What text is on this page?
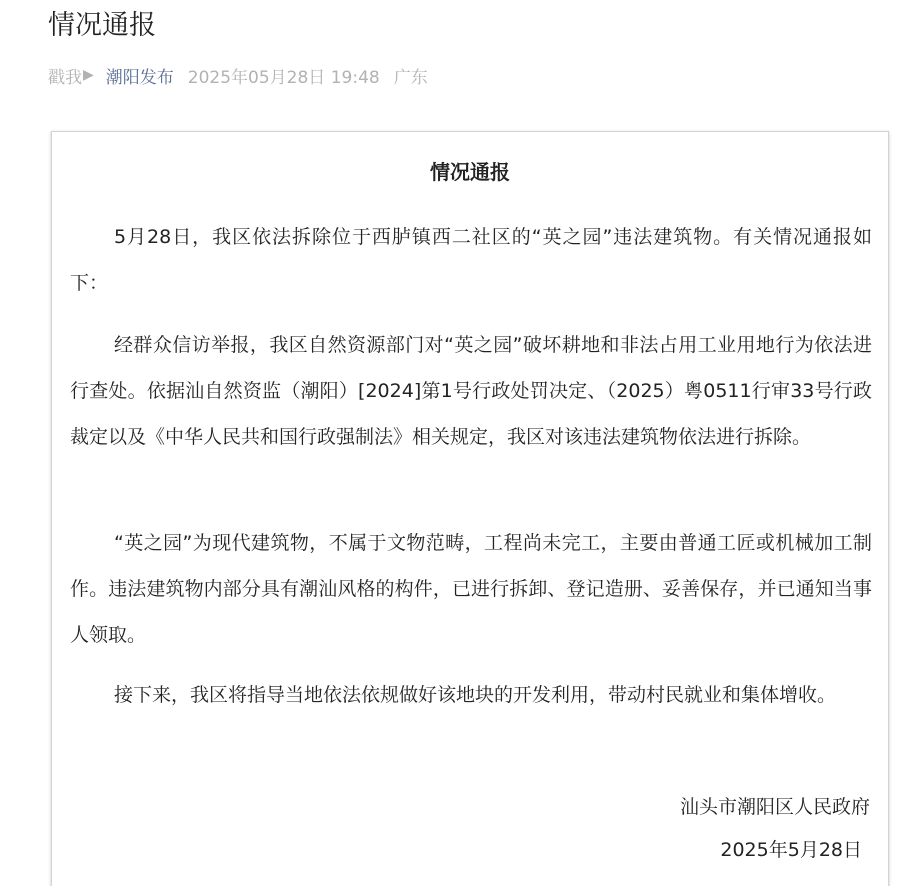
情况通报
戳我 ▶ 潮阳发布 2025年05月28日 19:48 广东
情况通报
5月28日，我区依法拆除位于西胪镇西二社区的“英之园”违法建筑物。有关情况通报如下：
经群众信访举报，我区自然资源部门对“英之园”破坏耕地和非法占用工业用地行为依法进行查处。依据汕自然资监（潮阳）[2024]第1号行政处罚决定、（2025）粤0511行审33号行政裁定以及《中华人民共和国行政强制法》相关规定，我区对该违法建筑物依法进行拆除。
“英之园”为现代建筑物，不属于文物范畴，工程尚未完工，主要由普通工匠或机械加工制作。违法建筑物内部分具有潮汕风格的构件，已进行拆卸、登记造册、妥善保存，并已通知当事人领取。
接下来，我区将指导当地依法依规做好该地块的开发利用，带动村民就业和集体增收。
汕头市潮阳区人民政府
2025年5月28日
